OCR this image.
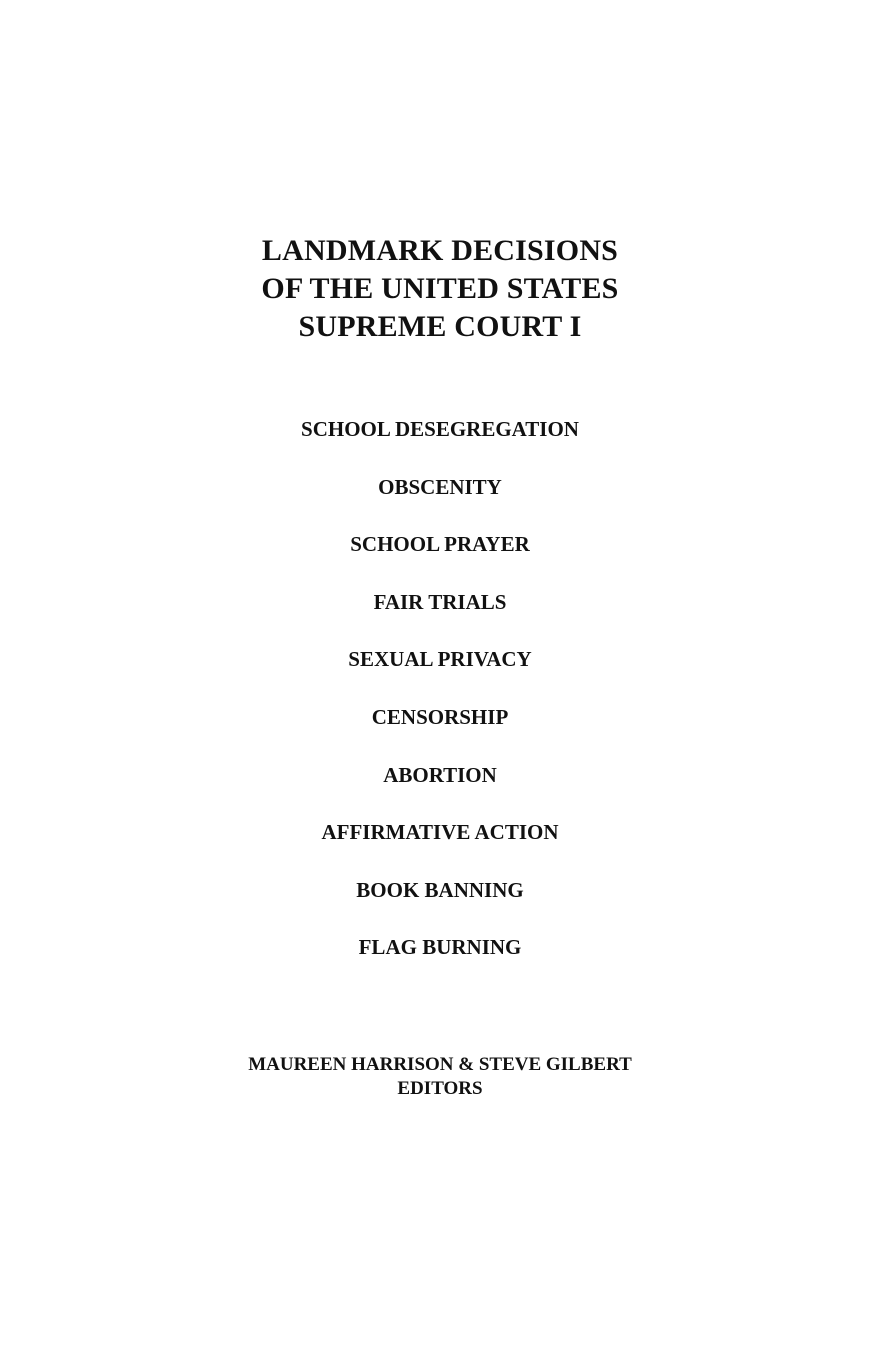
LANDMARK DECISIONS
OF THE UNITED STATES
SUPREME COURT I
SCHOOL DESEGREGATION
OBSCENITY
SCHOOL PRAYER
FAIR TRIALS
SEXUAL PRIVACY
CENSORSHIP
ABORTION
AFFIRMATIVE ACTION
BOOK BANNING
FLAG BURNING
MAUREEN HARRISON & STEVE GILBERT
EDITORS
